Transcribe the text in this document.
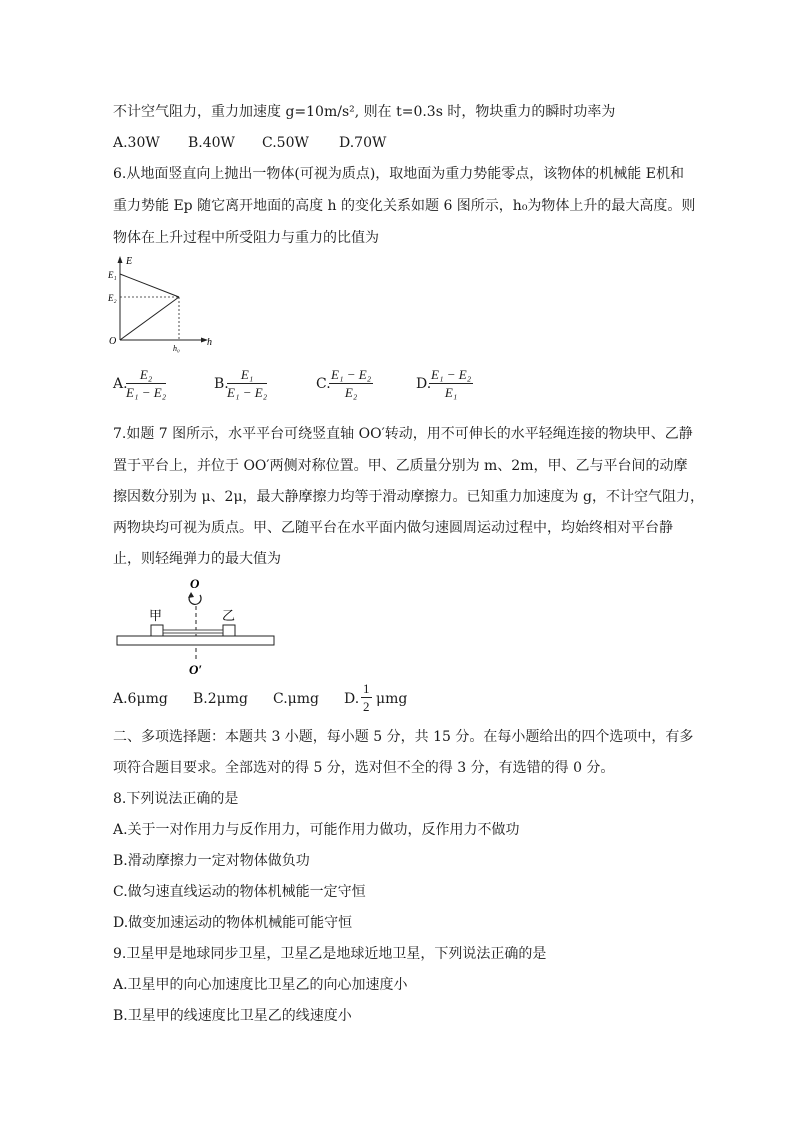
不计空气阻力，重力加速度 g=10m/s², 则在 t=0.3s 时，物块重力的瞬时功率为
A.30W B.40W C.50W D.70W
6.从地面竖直向上抛出一物体(可视为质点)，取地面为重力势能零点，该物体的机械能 E机和
重力势能 Ep 随它离开地面的高度 h 的变化关系如题 6 图所示，h₀为物体上升的最大高度。则
物体在上升过程中所受阻力与重力的比值为
E
E₁
E₂
O
h₀
h
A.
$\frac{\text{E₂}}{\text{E₁ − E₂}}$	B.
$\frac{\text{E₁}}{\text{E₁ − E₂}}$	C.
$\frac{\text{E₁ − E₂}}{\text{E₂}}$	D.
$\frac{\text{E₁ − E₂}}{\text{E₁}}$
7.如题 7 图所示，水平平台可绕竖直轴 OO′转动，用不可伸长的水平轻绳连接的物块甲、乙静
置于平台上，并位于 OO′两侧对称位置。甲、乙质量分别为 m、2m，甲、乙与平台间的动摩
擦因数分别为 μ、2μ，最大静摩擦力均等于滑动摩擦力。已知重力加速度为 g，不计空气阻力，
两物块均可视为质点。甲、乙随平台在水平面内做匀速圆周运动过程中，均始终相对平台静
止，则轻绳弹力的最大值为
O
甲	乙
O′
A.6μmg B.2μmg C.μmg D. $\frac{1}{2}$ μmg
二、多项选择题：本题共 3 小题，每小题 5 分，共 15 分。在每小题给出的四个选项中，有多
项符合题目要求。全部选对的得 5 分，选对但不全的得 3 分，有选错的得 0 分。
8.下列说法正确的是
A.关于一对作用力与反作用力，可能作用力做功，反作用力不做功
B.滑动摩擦力一定对物体做负功
C.做匀速直线运动的物体机械能一定守恒
D.做变加速运动的物体机械能可能守恒
9.卫星甲是地球同步卫星，卫星乙是地球近地卫星，下列说法正确的是
A.卫星甲的向心加速度比卫星乙的向心加速度小
B.卫星甲的线速度比卫星乙的线速度小
